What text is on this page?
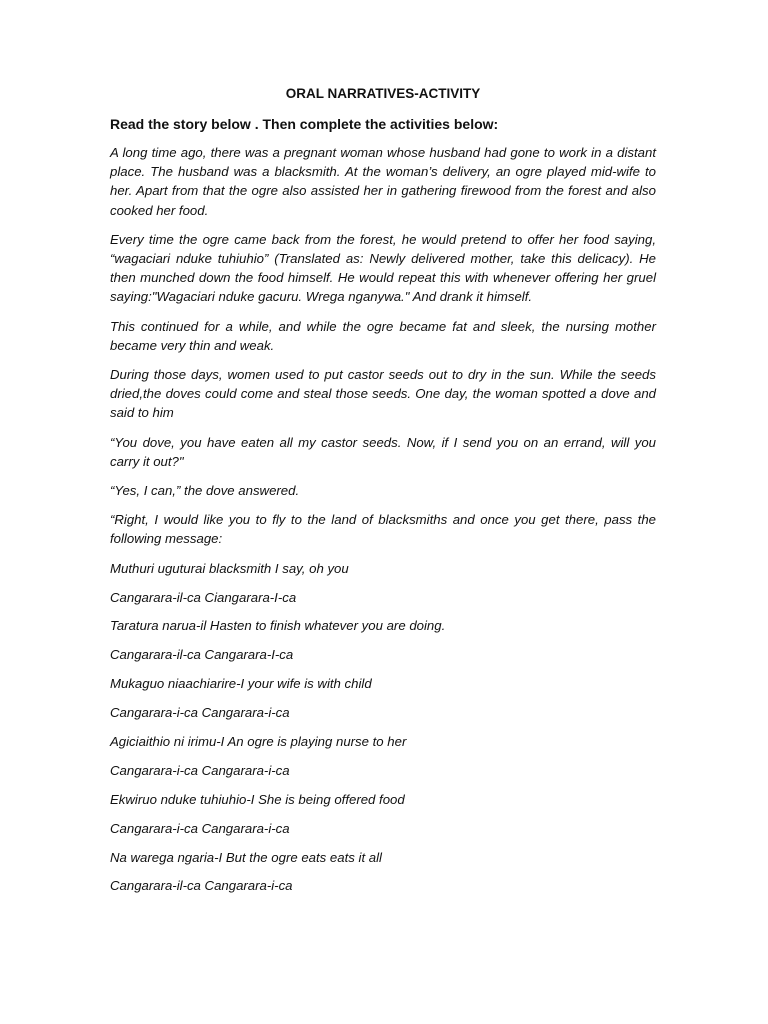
ORAL NARRATIVES-ACTIVITY
Read the story below . Then complete the activities below:

A long time ago, there was a pregnant woman whose husband had gone to work in a distant place. The husband was a blacksmith. At the woman’s delivery, an ogre played mid-wife to her. Apart from that the ogre also assisted her in gathering firewood from the forest and also cooked her food.

Every time the ogre came back from the forest, he would pretend to offer her food saying, “wagaciari nduke tuhiuhio” (Translated as: Newly delivered mother, take this delicacy). He then munched down the food himself. He would repeat this with whenever offering her gruel saying:"Wagaciari nduke gacuru. Wrega nganywa." And drank it himself.

This continued for a while, and while the ogre became fat and sleek, the nursing mother became very thin and weak.

During those days, women used to put castor seeds out to dry in the sun. While the seeds dried,the doves could come and steal those seeds. One day, the woman spotted a dove and said to him

“You dove, you have eaten all my castor seeds. Now, if I send you on an errand, will you carry it out?"

“Yes, I can,” the dove answered.

“Right, I would like you to fly to the land of blacksmiths and once you get there, pass the following message:

Muthuri uguturai blacksmith I say, oh you

Cangarara-il-ca Ciangarara-I-ca

Taratura narua-il Hasten to finish whatever you are doing.

Cangarara-il-ca Cangarara-I-ca

Mukaguo niaachiarire-I your wife is with child

Cangarara-i-ca Cangarara-i-ca

Agiciaithio ni irimu-I An ogre is playing nurse to her

Cangarara-i-ca Cangarara-i-ca

Ekwiruo nduke tuhiuhio-I She is being offered food

Cangarara-i-ca Cangarara-i-ca

Na warega ngaria-I But the ogre eats eats it all

Cangarara-il-ca Cangarara-i-ca
